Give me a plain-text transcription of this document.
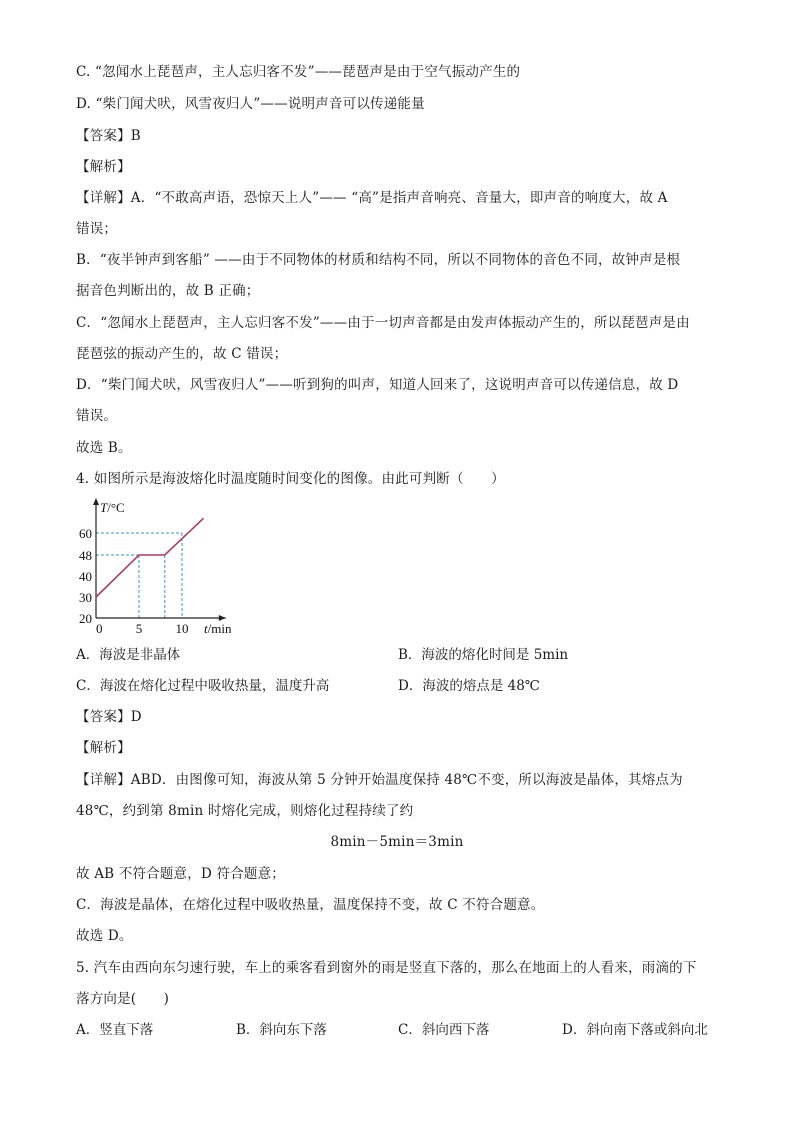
C. “忽闻水上琵琶声，主人忘归客不发”——琵琶声是由于空气振动产生的
D. “柴门闻犬吠，风雪夜归人”——说明声音可以传递能量
【答案】B
【解析】
【详解】A．“不敢高声语，恐惊天上人”—— “高”是指声音响亮、音量大，即声音的响度大，故 A
错误；
B．“夜半钟声到客船” ——由于不同物体的材质和结构不同，所以不同物体的音色不同，故钟声是根
据音色判断出的，故 B 正确；
C．“忽闻水上琵琶声，主人忘归客不发”——由于一切声音都是由发声体振动产生的，所以琵琶声是由
琵琶弦的振动产生的，故 C 错误；
D．“柴门闻犬吠，风雪夜归人”——听到狗的叫声，知道人回来了，这说明声音可以传递信息，故 D
错误。
故选 B。
4. 如图所示是海波熔化时温度随时间变化的图像。由此可判断（　　）
20
30
40
48
60
0	5	10
T/°C
t/min
A．海波是非晶体	B．海波的熔化时间是 5min
C．海波在熔化过程中吸收热量，温度升高	D．海波的熔点是 48℃
【答案】D
【解析】
【详解】ABD．由图像可知，海波从第 5 分钟开始温度保持 48℃不变，所以海波是晶体，其熔点为
48℃，约到第 8min 时熔化完成，则熔化过程持续了约
8min－5min＝3min
故 AB 不符合题意，D 符合题意；
C．海波是晶体，在熔化过程中吸收热量，温度保持不变，故 C 不符合题意。
故选 D。
5. 汽车由西向东匀速行驶，车上的乘客看到窗外的雨是竖直下落的，那么在地面上的人看来，雨滴的下
落方向是(　　)
A．竖直下落	B．斜向东下落	C．斜向西下落	D．斜向南下落或斜向北
